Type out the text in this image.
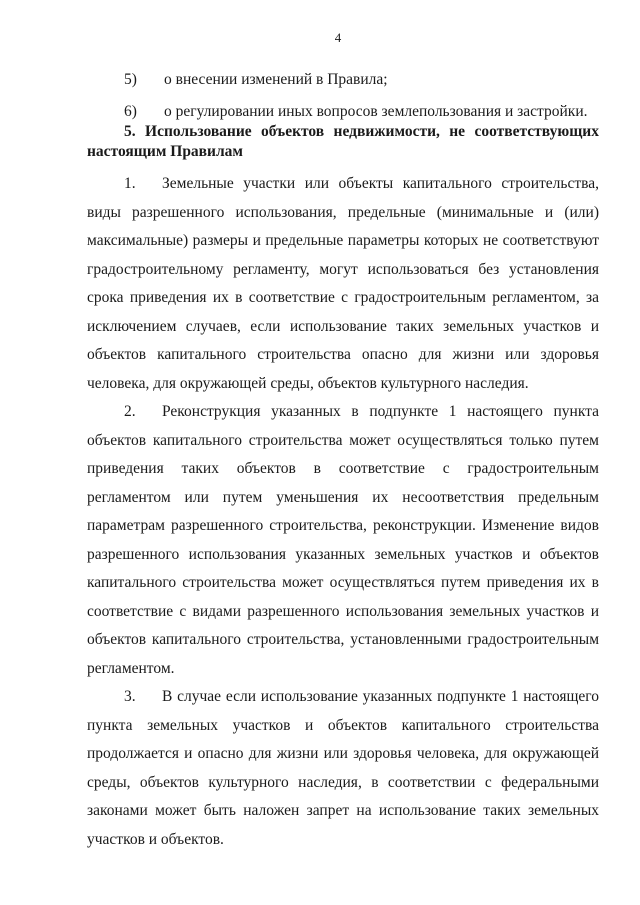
4
5)	о внесении изменений в Правила;
6)	о регулировании иных вопросов землепользования и застройки.
5. Использование объектов недвижимости, не соответствующих
настоящим Правилам

1. Земельные участки или объекты капитального строительства, виды разрешенного использования, предельные (минимальные и (или) максимальные) размеры и предельные параметры которых не соответствуют градостроительному регламенту, могут использоваться без установления срока приведения их в соответствие с градостроительным регламентом, за исключением случаев, если использование таких земельных участков и объектов капитального строительства опасно для жизни или здоровья человека, для окружающей среды, объектов культурного наследия.

2. Реконструкция указанных в подпункте 1 настоящего пункта объектов капитального строительства может осуществляться только путем приведения таких объектов в соответствие с градостроительным регламентом или путем уменьшения их несоответствия предельным параметрам разрешенного строительства, реконструкции. Изменение видов разрешенного использования указанных земельных участков и объектов капитального строительства может осуществляться путем приведения их в соответствие с видами разрешенного использования земельных участков и объектов капитального строительства, установленными градостроительным регламентом.

3. В случае если использование указанных подпункте 1 настоящего пункта земельных участков и объектов капитального строительства продолжается и опасно для жизни или здоровья человека, для окружающей среды, объектов культурного наследия, в соответствии с федеральными законами может быть наложен запрет на использование таких земельных участков и объектов.
